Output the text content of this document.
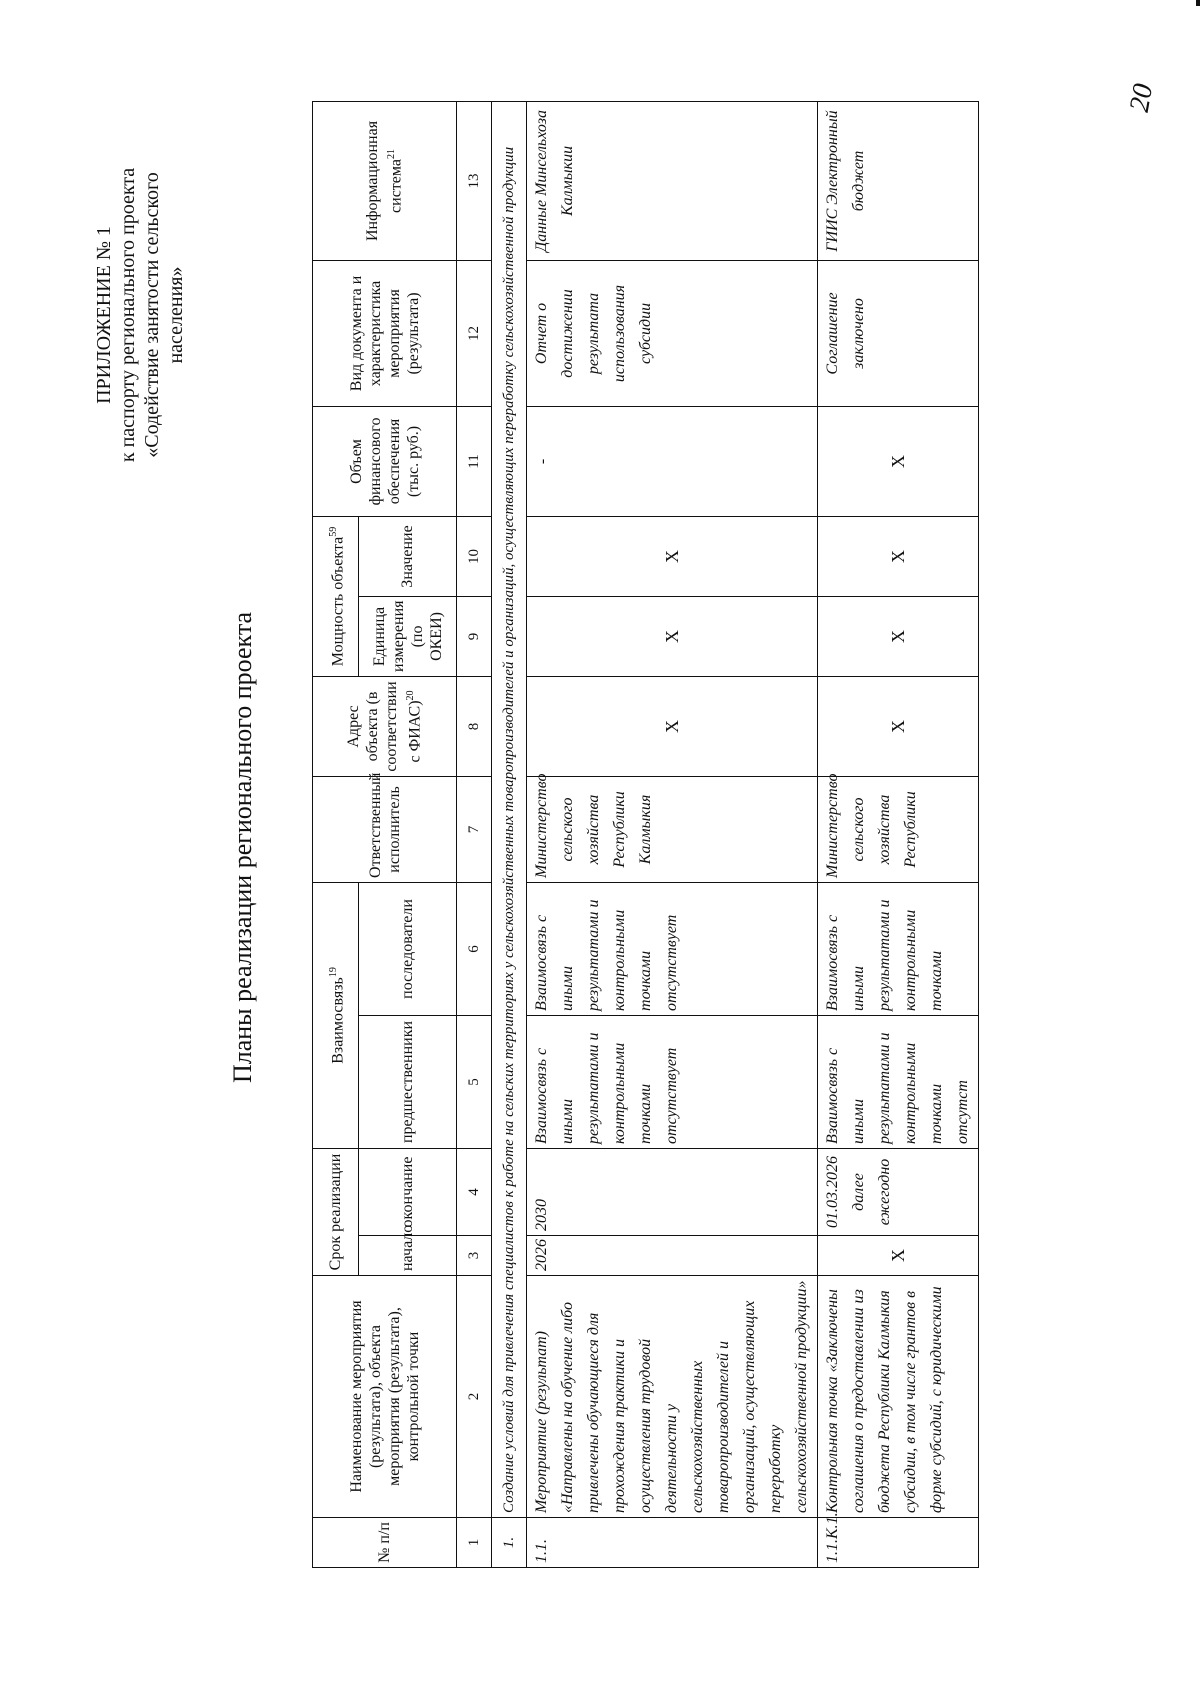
20
ПРИЛОЖЕНИЕ № 1 к паспорту регионального проекта «Содействие занятости сельского населения»
Планы реализации регионального проекта
№ п/п	Наименование мероприятия (результата), объекта мероприятия (результата), контрольной точки	Срок реализации		Взаимосвязь$^{19}$		Ответственный исполнитель	Адрес объекта (в соответствии с ФИАС)$^{20}$	Мощность объекта$^{59}$		Объем финансового обеспечения (тыс. руб.)	Вид документа и характеристика мероприятия (результата)	Информационная система$^{21}$
		начало	окончание	предшественники	последователи			Единица измерения (по ОКЕИ)	Значение			

1	2	3	4	5	6	7	8	9	10	11	12	13
1.	Создание условий для привлечения специалистов к работе на сельских территориях у сельскохозяйственных товаропроизводителей и организаций, осуществляющих переработку сельскохозяйственной продукции											
1.1.	Мероприятие (результат) «Направлены на обучение либо привлечены обучающиеся для прохождения практики и осуществления трудовой деятельности у сельскохозяйственных товаропроизводителей и организаций, осуществляющих переработку сельскохозяйственной продукции»	2026	2030	Взаимосвязь с иными результатами и контрольными точками отсутствует	Взаимосвязь с иными результатами и контрольными точками отсутствует	Министерство сельского хозяйства Республики Калмыкия	X	X	X	-	Отчет о достижении результата использования субсидии	Данные Минсельхоза Калмыкии
1.1.К.1.	Контрольная точка «Заключены соглашения о предоставлении из бюджета Республики Калмыкия субсидии, в том числе грантов в форме субсидий, с юридическими	X	01.03.2026 далее ежегодно	Взаимосвязь с иными результатами и контрольными точками отсутст	Взаимосвязь с иными результатами и контрольными точками	Министерство сельского хозяйства Республики	X	X	X	X	Соглашение заключено	ГИИС Электронный бюджет
